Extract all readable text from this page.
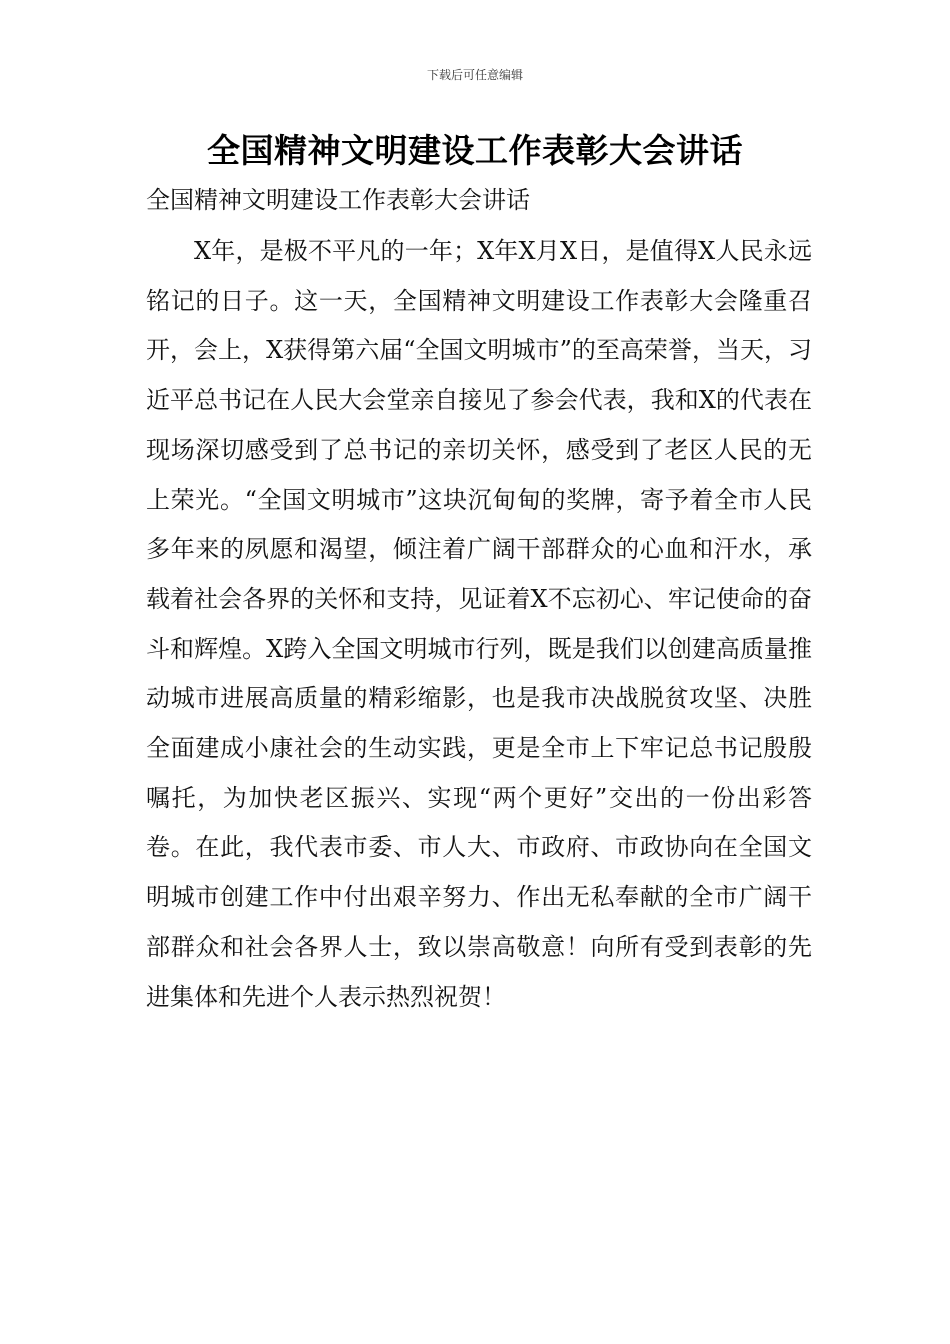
下载后可任意编辑
全国精神文明建设工作表彰大会讲话
全国精神文明建设工作表彰大会讲话

X年，是极不平凡的一年；X年X月X日，是值得X人民永远铭记的日子。这一天，全国精神文明建设工作表彰大会隆重召开，会上，X获得第六届“全国文明城市”的至高荣誉，当天，习近平总书记在人民大会堂亲自接见了参会代表，我和X的代表在现场深切感受到了总书记的亲切关怀，感受到了老区人民的无上荣光。“全国文明城市”这块沉甸甸的奖牌，寄予着全市人民多年来的夙愿和渴望，倾注着广阔干部群众的心血和汗水，承载着社会各界的关怀和支持，见证着X不忘初心、牢记使命的奋斗和辉煌。X跨入全国文明城市行列，既是我们以创建高质量推动城市进展高质量的精彩缩影，也是我市决战脱贫攻坚、决胜全面建成小康社会的生动实践，更是全市上下牢记总书记殷殷嘱托，为加快老区振兴、实现“两个更好”交出的一份出彩答卷。在此，我代表市委、市人大、市政府、市政协向在全国文明城市创建工作中付出艰辛努力、作出无私奉献的全市广阔干部群众和社会各界人士，致以崇高敬意！向所有受到表彰的先进集体和先进个人表示热烈祝贺！
